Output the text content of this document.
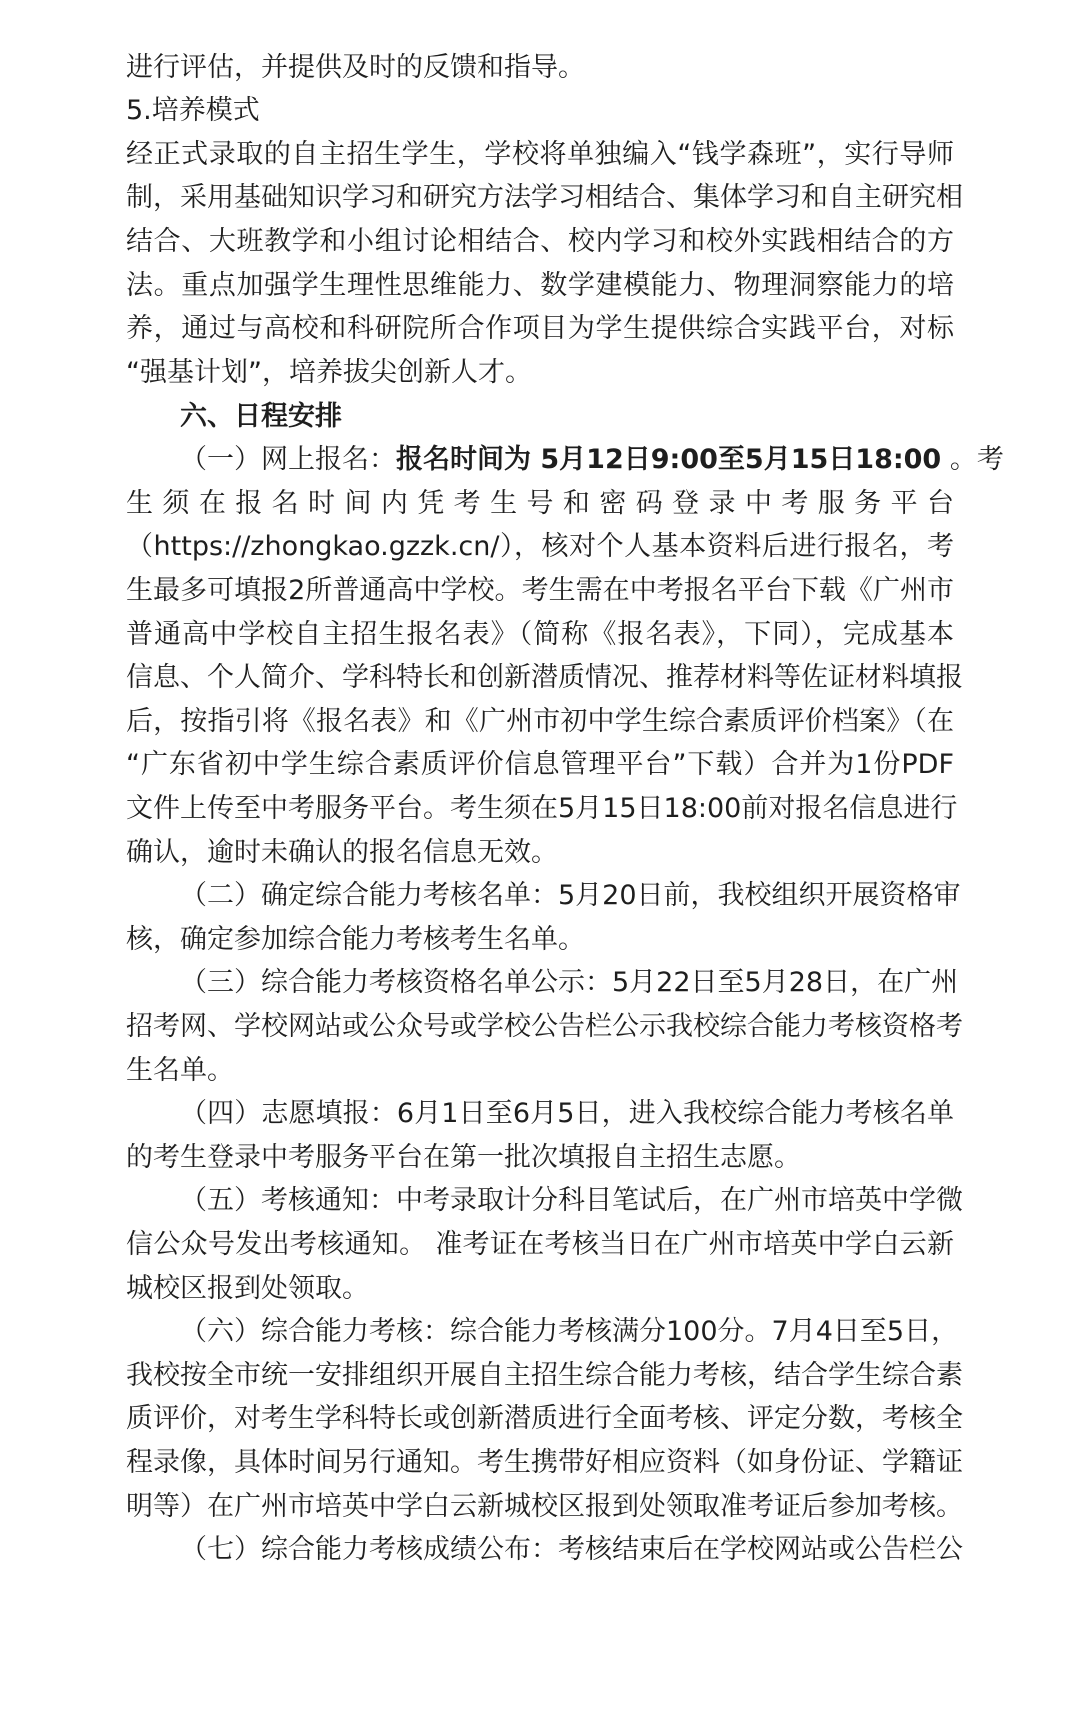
进行评估，并提供及时的反馈和指导。
5.培养模式
经正式录取的自主招生学生，学校将单独编入“钱学森班”，实行导师
制，采用基础知识学习和研究方法学习相结合、集体学习和自主研究相
结合、大班教学和小组讨论相结合、校内学习和校外实践相结合的方
法。重点加强学生理性思维能力、数学建模能力、物理洞察能力的培
养，通过与高校和科研院所合作项目为学生提供综合实践平台，对标
“强基计划”，培养拔尖创新人才。
六、日程安排
（一）网上报名：报名时间为 5月12日9:00至5月15日18:00 。考
生须在报名时间内凭考生号和密码登录中考服务平台
（https://zhongkao.gzzk.cn/），核对个人基本资料后进行报名，考
生最多可填报2所普通高中学校。考生需在中考报名平台下载《广州市
普通高中学校自主招生报名表》（简称《报名表》，下同），完成基本
信息、个人简介、学科特长和创新潜质情况、推荐材料等佐证材料填报
后，按指引将《报名表》和《广州市初中学生综合素质评价档案》（在
“广东省初中学生综合素质评价信息管理平台”下载）合并为1份PDF
文件上传至中考服务平台。考生须在5月15日18:00前对报名信息进行
确认，逾时未确认的报名信息无效。
（二）确定综合能力考核名单：5月20日前，我校组织开展资格审
核，确定参加综合能力考核考生名单。
（三）综合能力考核资格名单公示：5月22日至5月28日，在广州
招考网、学校网站或公众号或学校公告栏公示我校综合能力考核资格考
生名单。
（四）志愿填报：6月1日至6月5日，进入我校综合能力考核名单
的考生登录中考服务平台在第一批次填报自主招生志愿。
（五）考核通知：中考录取计分科目笔试后，在广州市培英中学微
信公众号发出考核通知。 准考证在考核当日在广州市培英中学白云新
城校区报到处领取。
（六）综合能力考核：综合能力考核满分100分。7月4日至5日，
我校按全市统一安排组织开展自主招生综合能力考核，结合学生综合素
质评价，对考生学科特长或创新潜质进行全面考核、评定分数，考核全
程录像，具体时间另行通知。考生携带好相应资料（如身份证、学籍证
明等）在广州市培英中学白云新城校区报到处领取准考证后参加考核。
（七）综合能力考核成绩公布：考核结束后在学校网站或公告栏公
